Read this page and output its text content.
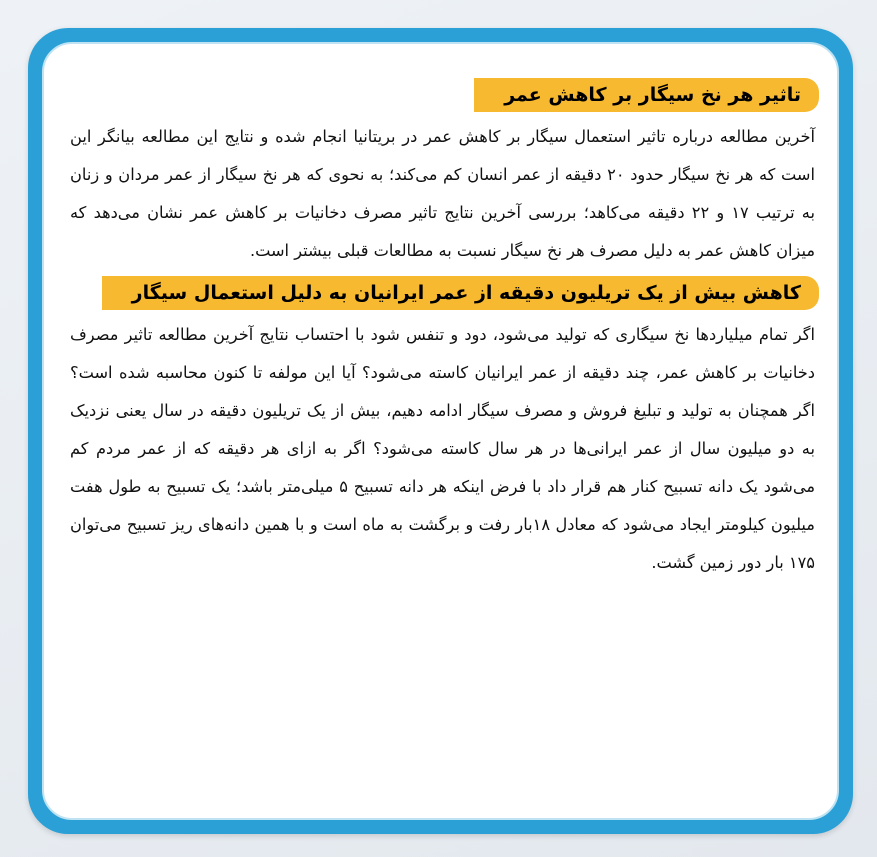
تاثیر هر نخ سیگار بر کاهش عمر

آخرین مطالعه درباره تاثیر استعمال سیگار بر کاهش عمر در بریتانیا انجام شده و نتایج این مطالعه بیانگر این است که هر نخ سیگار حدود ۲۰ دقیقه از عمر انسان کم می‌کند؛ به نحوی که هر نخ سیگار از عمر مردان و زنان به ترتیب ۱۷ و ۲۲ دقیقه می‌کاهد؛ بررسی آخرین نتایج تاثیر مصرف دخانیات بر کاهش عمر نشان می‌دهد که میزان کاهش عمر به دلیل مصرف هر نخ سیگار نسبت به مطالعات قبلی بیشتر است.

کاهش بیش از یک تریلیون دقیقه از عمر ایرانیان به دلیل استعمال سیگار

اگر تمام میلیاردها نخ سیگاری که تولید می‌شود، دود و تنفس شود با احتساب نتایج آخرین مطالعه تاثیر مصرف دخانیات بر کاهش عمر، چند دقیقه از عمر ایرانیان کاسته می‌شود؟ آیا این مولفه تا کنون محاسبه شده است؟ اگر همچنان به تولید و تبلیغ فروش و مصرف سیگار ادامه دهیم، بیش از یک تریلیون دقیقه در سال یعنی نزدیک به دو میلیون سال از عمر ایرانی‌ها در هر سال کاسته می‌شود؟ اگر به ازای هر دقیقه که از عمر مردم کم می‌شود یک دانه تسبیح کنار هم قرار داد با فرض اینکه هر دانه تسبیح ۵ میلی‌متر باشد؛ یک تسبیح به طول هفت میلیون کیلومتر ایجاد می‌شود که معادل ۱۸بار رفت و برگشت به ماه است و با همین دانه‌های ریز تسبیح می‌توان ۱۷۵ بار دور زمین گشت.
